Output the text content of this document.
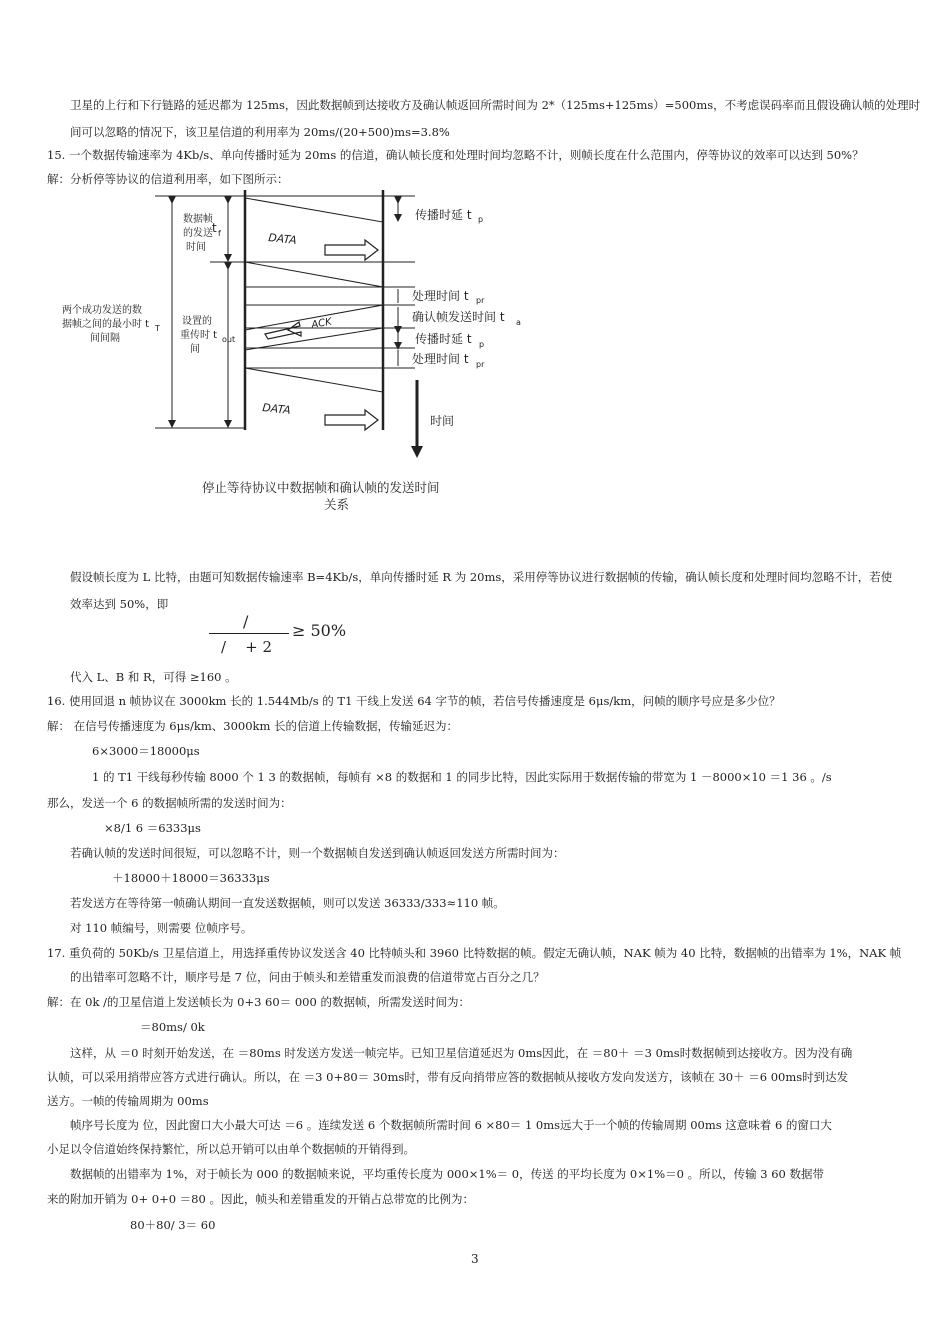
卫星的上行和下行链路的延迟都为 125ms，因此数据帧到达接收方及确认帧返回所需时间为 2*（125ms+125ms）=500ms，不考虑误码率而且假设确认帧的处理时
间可以忽略的情况下，该卫星信道的利用率为 20ms/(20+500)ms=3.8%
15. 一个数据传输速率为 4Kb/s、单向传播时延为 20ms 的信道，确认帧长度和处理时间均忽略不计，则帧长度在什么范围内，停等协议的效率可以达到 50%？
解：分析停等协议的信道利用率，如下图所示：
数据帧
的发送
时间
t f
两个成功发送的数
据帧之间的最小时 t T
间间隔
设置的
重传时 t out
间
DATA
ACK
DATA
传播时延 t p
处理时间 t pr
确认帧发送时间 t a
传播时延 t p
处理时间 t pr
时间
停止等待协议中数据帧和确认帧的发送时间
关系
假设帧长度为 L 比特，由题可知数据传输速率 B=4Kb/s，单向传播时延 R 为 20ms，采用停等协议进行数据帧的传输，确认帧长度和处理时间均忽略不计，若使
效率达到 50%，即
/
/    + 2
≥ 50%
代入 L、B 和 R，可得 ≥160 。
16. 使用回退 n 帧协议在 3000km 长的 1.544Mb/s 的 T1 干线上发送 64 字节的帧，若信号传播速度是 6μs/km，问帧的顺序号应是多少位？
解： 在信号传播速度为 6μs/km、3000km 长的信道上传输数据，传输延迟为：
6×3000＝18000μs
1 的 T1 干线每秒传输 8000 个 1 3 的数据帧，每帧有 ×8 的数据和 1 的同步比特，因此实际用于数据传输的带宽为 1 －8000×10 ＝1 36 。/s
那么，发送一个 6 的数据帧所需的发送时间为：
×8/1 6 ＝6333μs
若确认帧的发送时间很短，可以忽略不计，则一个数据帧自发送到确认帧返回发送方所需时间为：
＋18000＋18000＝36333μs
若发送方在等待第一帧确认期间一直发送数据帧，则可以发送 36333/333≈110 帧。
对 110 帧编号，则需要 位帧序号。
17. 重负荷的 50Kb/s 卫星信道上，用选择重传协议发送含 40 比特帧头和 3960 比特数据的帧。假定无确认帧，NAK 帧为 40 比特，数据帧的出错率为 1%，NAK 帧
的出错率可忽略不计，顺序号是 7 位，问由于帧头和差错重发而浪费的信道带宽占百分之几？
解：在 0k /的卫星信道上发送帧长为 0+3 60＝ 000 的数据帧，所需发送时间为：
＝80ms/ 0k
这样，从 ＝0 时刻开始发送，在 ＝80ms 时发送方发送一帧完毕。已知卫星信道延迟为 0ms因此，在 ＝80＋ ＝3 0ms时数据帧到达接收方。因为没有确
认帧，可以采用捎带应答方式进行确认。所以，在 ＝3 0+80＝ 30ms时，带有反向捎带应答的数据帧从接收方发向发送方，该帧在 30＋ ＝6 00ms时到达发
送方。一帧的传输周期为 00ms
帧序号长度为 位，因此窗口大小最大可达 ＝6 。连续发送 6 个数据帧所需时间 6 ×80＝ 1 0ms远大于一个帧的传输周期 00ms 这意味着 6 的窗口大
小足以令信道始终保持繁忙，所以总开销可以由单个数据帧的开销得到。
数据帧的出错率为 1%，对于帧长为 000 的数据帧来说，平均重传长度为 000×1%＝ 0，传送 的平均长度为 0×1%＝0 。所以，传输 3 60 数据带
来的附加开销为 0+ 0+0 ＝80 。因此，帧头和差错重发的开销占总带宽的比例为：
80＋80/ 3＝ 60
3
